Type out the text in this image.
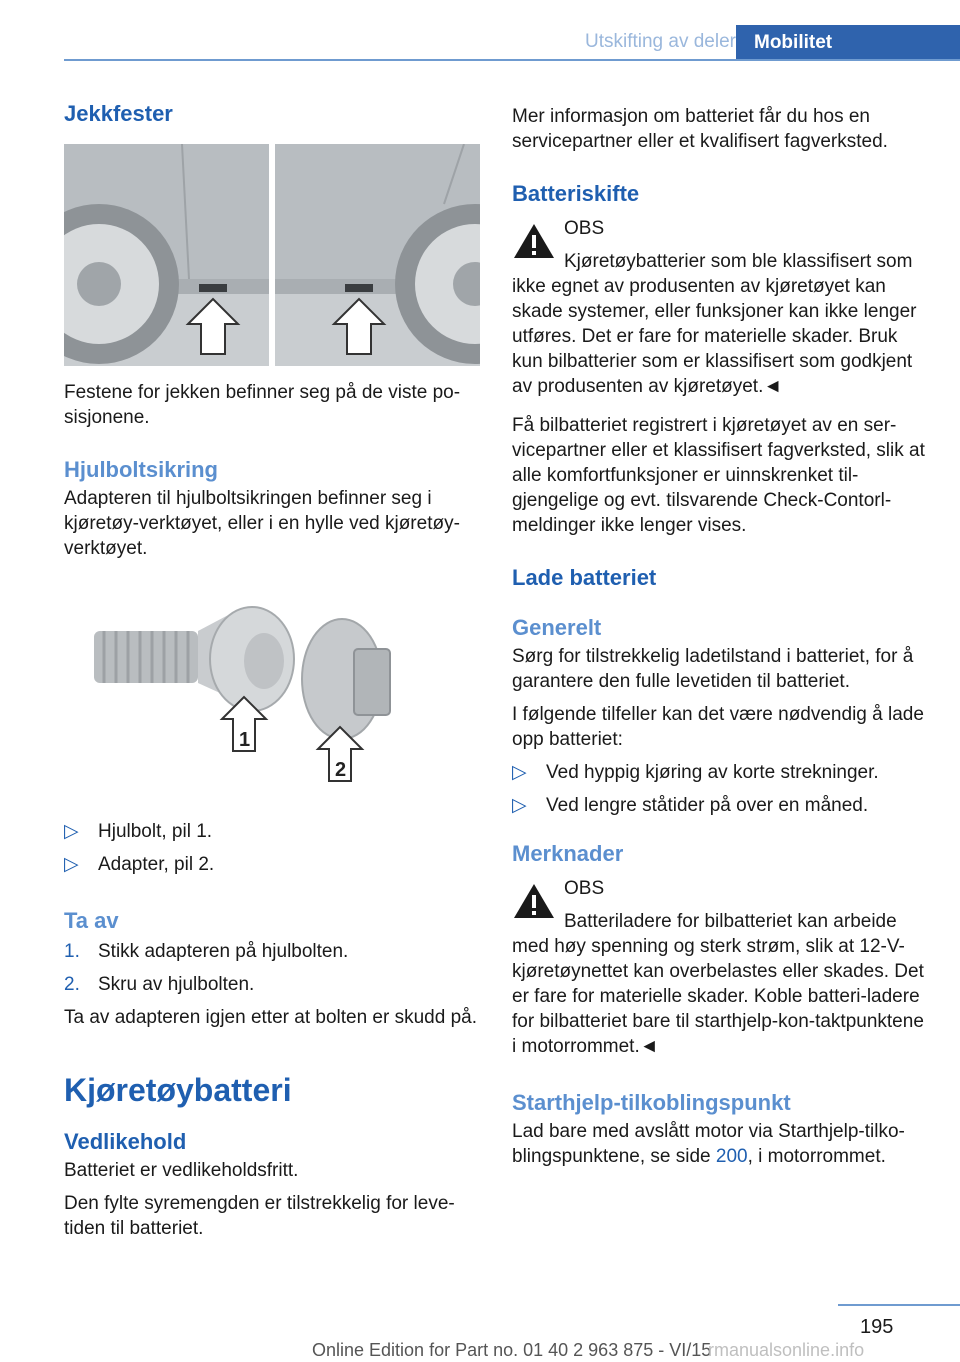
Utskifting av deler Mobilitet
Jekkfester

Festene for jekken befinner seg på de viste po-sisjonene.

Hjulboltsikring

Adapteren til hjulboltsikringen befinner seg i kjøretøy-verktøyet, eller i en hylle ved kjøretøy-verktøyet.

1
2
▷ Hjulbolt, pil 1.
▷ Adapter, pil 2.
Ta av
1. Stikk adapteren på hjulbolten.
2. Skru av hjulbolten.

Ta av adapteren igjen etter at bolten er skudd på.

Kjøretøybatteri
Vedlikehold

Batteriet er vedlikeholdsfritt.

Den fylte syremengden er tilstrekkelig for leve-tiden til batteriet.

Mer informasjon om batteriet får du hos en servicepartner eller et kvalifisert fagverksted.

Batteriskifte

OBS

Kjøretøybatterier som ble klassifisert som ikke egnet av produsenten av kjøretøyet kan skade systemer, eller funksjoner kan ikke lenger utføres. Det er fare for materielle skader. Bruk kun bilbatterier som er klassifisert som godkjent av produsenten av kjøretøyet.◄

Få bilbatteriet registrert i kjøretøyet av en ser-vicepartner eller et klassifisert fagverksted, slik at alle komfortfunksjoner er uinnskrenket til-gjengelige og evt. tilsvarende Check-Contorl-meldinger ikke lenger vises.

Lade batteriet
Generelt

Sørg for tilstrekkelig ladetilstand i batteriet, for å garantere den fulle levetiden til batteriet.

I følgende tilfeller kan det være nødvendig å lade opp batteriet:

▷ Ved hyppig kjøring av korte strekninger.
▷ Ved lengre ståtider på over en måned.
Merknader

OBS

Batteriladere for bilbatteriet kan arbeide med høy spenning og sterk strøm, slik at 12-V-kjøretøynettet kan overbelastes eller skades. Det er fare for materielle skader. Koble batteri-ladere for bilbatteriet bare til starthjelp-kon-taktpunktene i motorrommet.◄

Starthjelp-tilkoblingspunkt

Lad bare med avslått motor via Starthjelp-tilko-blingspunktene, se side 200, i motorrommet.

195
Online Edition for Part no. 01 40 2 963 875 - VI/15
rmanualsonline.info
